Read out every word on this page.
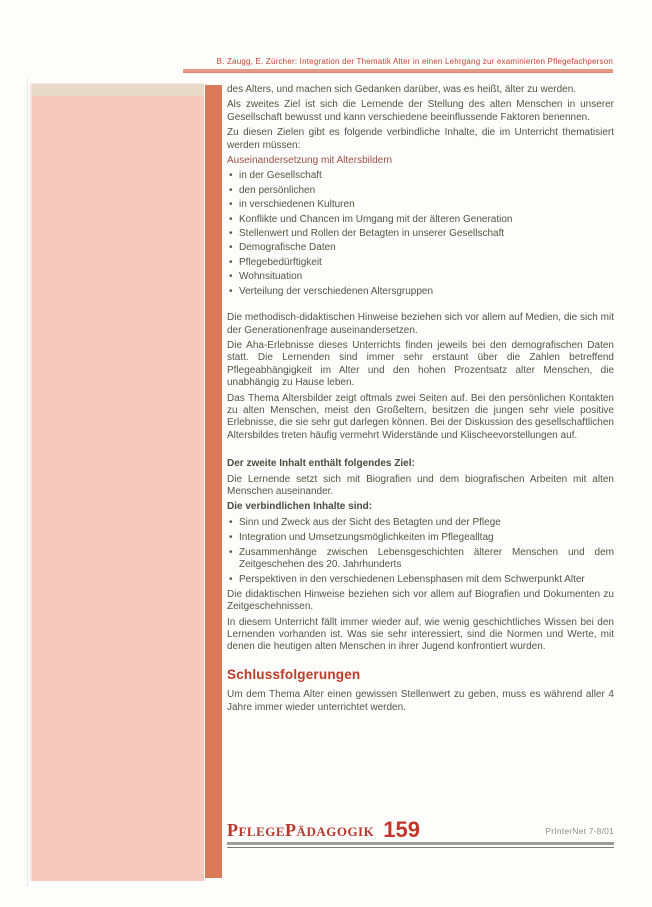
B. Zaugg, E. Zürcher: Integration der Thematik Alter in einen Lehrgang zur examinierten Pflegefachperson

des Alters, und machen sich Gedanken darüber, was es heißt, älter zu werden.

Als zweites Ziel ist sich die Lernende der Stellung des alten Menschen in unserer Gesellschaft bewusst und kann verschiedene beeinflussende Faktoren benennen.

Zu diesen Zielen gibt es folgende verbindliche Inhalte, die im Unterricht thematisiert werden müssen:

Auseinandersetzung mit Altersbildern

• in der Gesellschaft
• den persönlichen
• in verschiedenen Kulturen
• Konflikte und Chancen im Umgang mit der älteren Generation
• Stellenwert und Rollen der Betagten in unserer Gesellschaft
• Demografische Daten
• Pflegebedürftigkeit
• Wohnsituation
• Verteilung der verschiedenen Altersgruppen

Die methodisch-didaktischen Hinweise beziehen sich vor allem auf Medien, die sich mit der Generationenfrage auseinandersetzen.

Die Aha-Erlebnisse dieses Unterrichts finden jeweils bei den demografischen Daten statt. Die Lernenden sind immer sehr erstaunt über die Zahlen betreffend Pflegeabhängigkeit im Alter und den hohen Prozentsatz alter Menschen, die unabhängig zu Hause leben.

Das Thema Altersbilder zeigt oftmals zwei Seiten auf. Bei den persönlichen Kontakten zu alten Menschen, meist den Großeltern, besitzen die jungen sehr viele positive Erlebnisse, die sie sehr gut darlegen können. Bei der Diskussion des gesellschaftlichen Altersbildes treten häufig vermehrt Widerstände und Klischeevorstellungen auf.

Der zweite Inhalt enthält folgendes Ziel:

Die Lernende setzt sich mit Biografien und dem biografischen Arbeiten mit alten Menschen auseinander.

Die verbindlichen Inhalte sind:

• Sinn und Zweck aus der Sicht des Betagten und der Pflege
• Integration und Umsetzungsmöglichkeiten im Pflegealltag
• Zusammenhänge zwischen Lebensgeschichten älterer Menschen und dem Zeitgeschehen des 20. Jahrhunderts
• Perspektiven in den verschiedenen Lebensphasen mit dem Schwerpunkt Alter

Die didaktischen Hinweise beziehen sich vor allem auf Biografien und Dokumenten zu Zeitgeschehnissen.

In diesem Unterricht fällt immer wieder auf, wie wenig geschichtliches Wissen bei den Lernenden vorhanden ist. Was sie sehr interessiert, sind die Normen und Werte, mit denen die heutigen alten Menschen in ihrer Jugend konfrontiert wurden.

Schlussfolgerungen

Um dem Thema Alter einen gewissen Stellenwert zu geben, muss es während aller 4 Jahre immer wieder unterrichtet werden.

PflegePädagogik 159	PrInterNet 7-8/01
